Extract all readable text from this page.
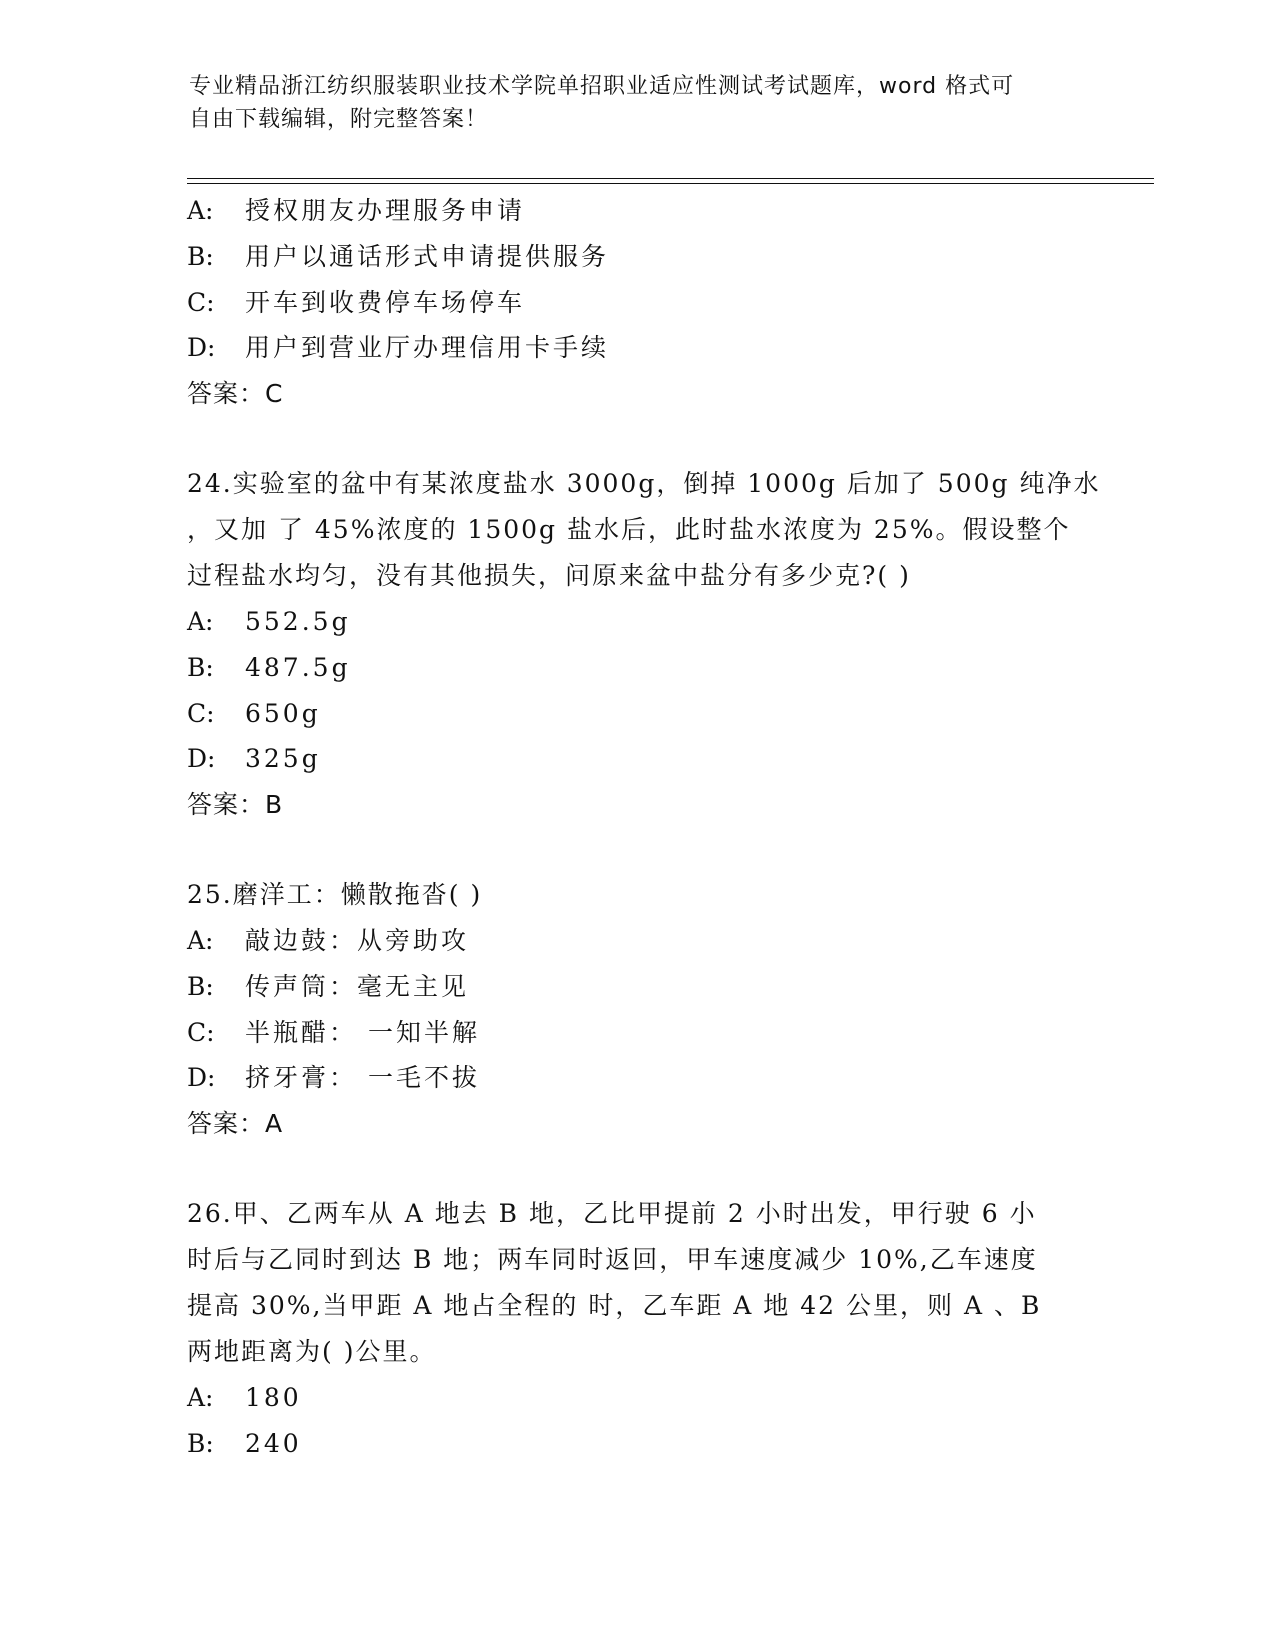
专业精品浙江纺织服装职业技术学院单招职业适应性测试考试题库，word 格式可
自由下载编辑，附完整答案！
A: 授权朋友办理服务申请
B: 用户以通话形式申请提供服务
C: 开车到收费停车场停车
D: 用户到营业厅办理信用卡手续
答案：C
24.实验室的盆中有某浓度盐水 3000g，倒掉 1000g 后加了 500g 纯净水
，又加 了 45%浓度的 1500g 盐水后，此时盐水浓度为 25%。假设整个
过程盐水均匀，没有其他损失，问原来盆中盐分有多少克?( )
A: 552.5g
B: 487.5g
C: 650g
D: 325g
答案：B
25.磨洋工：懒散拖沓( )
A: 敲边鼓：从旁助攻
B: 传声筒：毫无主见
C: 半瓶醋： 一知半解
D: 挤牙膏： 一毛不拔
答案：A
26.甲、乙两车从 A 地去 B 地，乙比甲提前 2 小时出发，甲行驶 6 小
时后与乙同时到达 B 地；两车同时返回，甲车速度减少 10%,乙车速度
提高 30%,当甲距 A 地占全程的 时，乙车距 A 地 42 公里，则 A 、B
两地距离为( )公里。
A: 180
B: 240
